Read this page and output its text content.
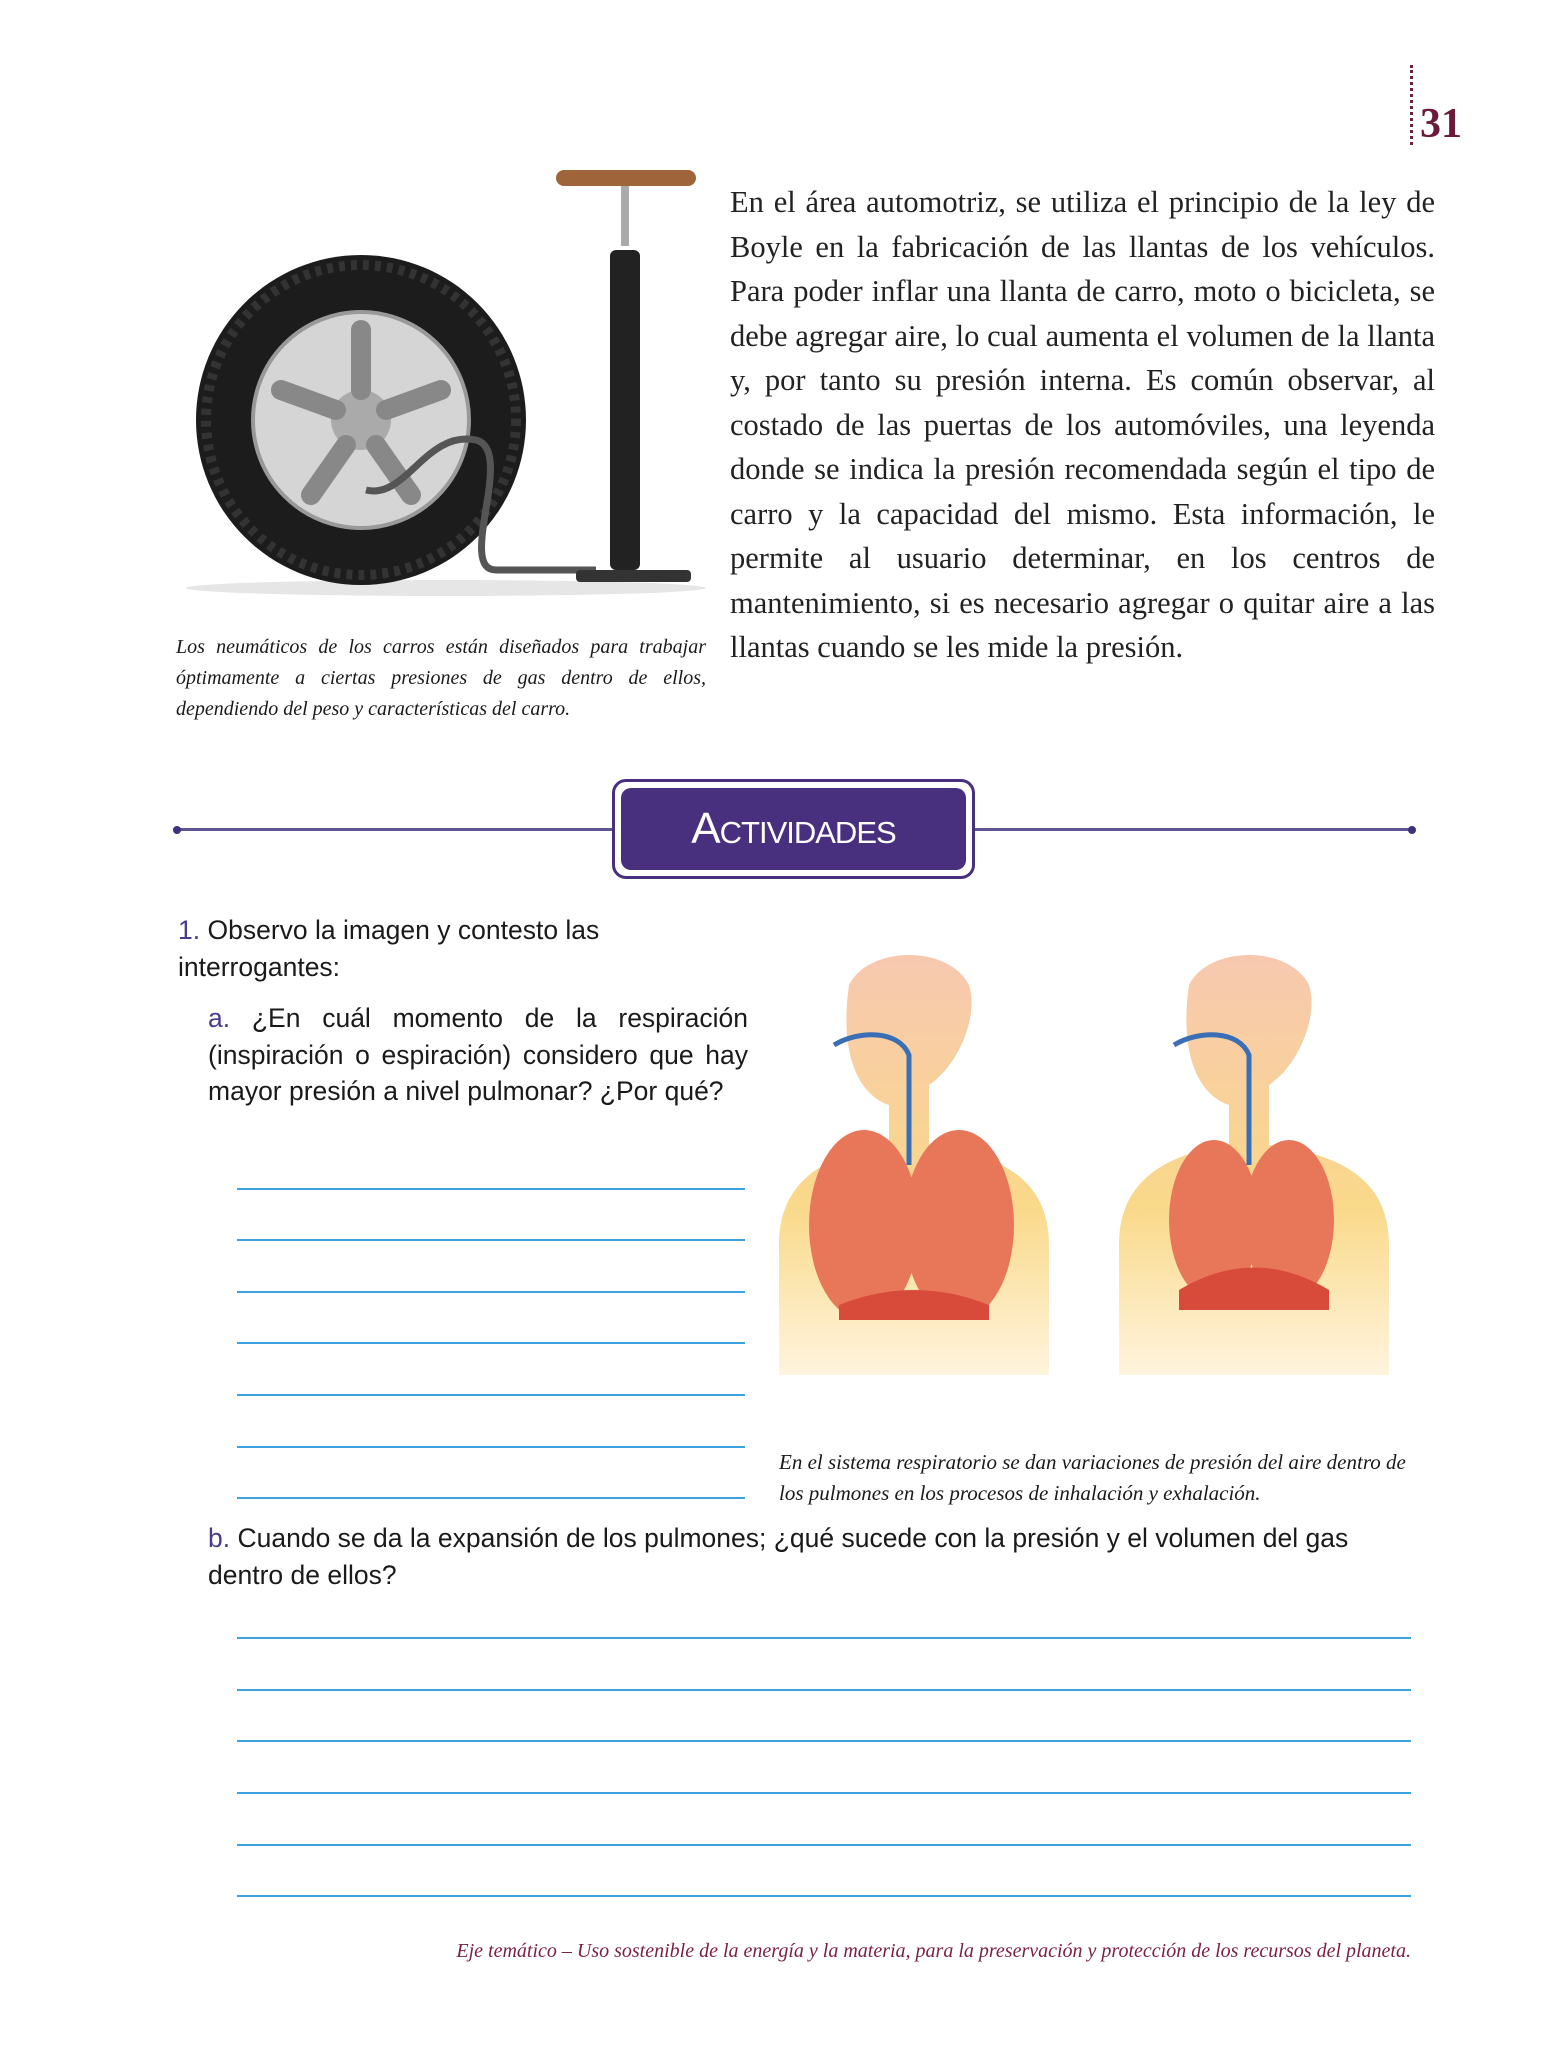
31
En el área automotriz, se utiliza el principio de la ley de Boyle en la fabricación de las llantas de los vehículos. Para poder inflar una llanta de carro, moto o bicicleta, se debe agregar aire, lo cual aumenta el volumen de la llanta y, por tanto su presión interna. Es común observar, al costado de las puertas de los automóviles, una leyenda donde se indica la presión recomendada según el tipo de carro y la capacidad del mismo. Esta información, le permite al usuario determinar, en los centros de mantenimiento, si es necesario agregar o quitar aire a las llantas cuando se les mide la presión.
Los neumáticos de los carros están diseñados para trabajar óptimamente a ciertas presiones de gas dentro de ellos, dependiendo del peso y características del carro.
Actividades
1. Observo la imagen y contesto las interrogantes:
a. ¿En cuál momento de la respiración (inspiración o espiración) considero que hay mayor presión a nivel pulmonar? ¿Por qué?
En el sistema respiratorio se dan variaciones de presión del aire dentro de los pulmones en los procesos de inhalación y exhalación.
b. Cuando se da la expansión de los pulmones; ¿qué sucede con la presión y el volumen del gas dentro de ellos?
Eje temático – Uso sostenible de la energía y la materia, para la preservación y protección de los recursos del planeta.
